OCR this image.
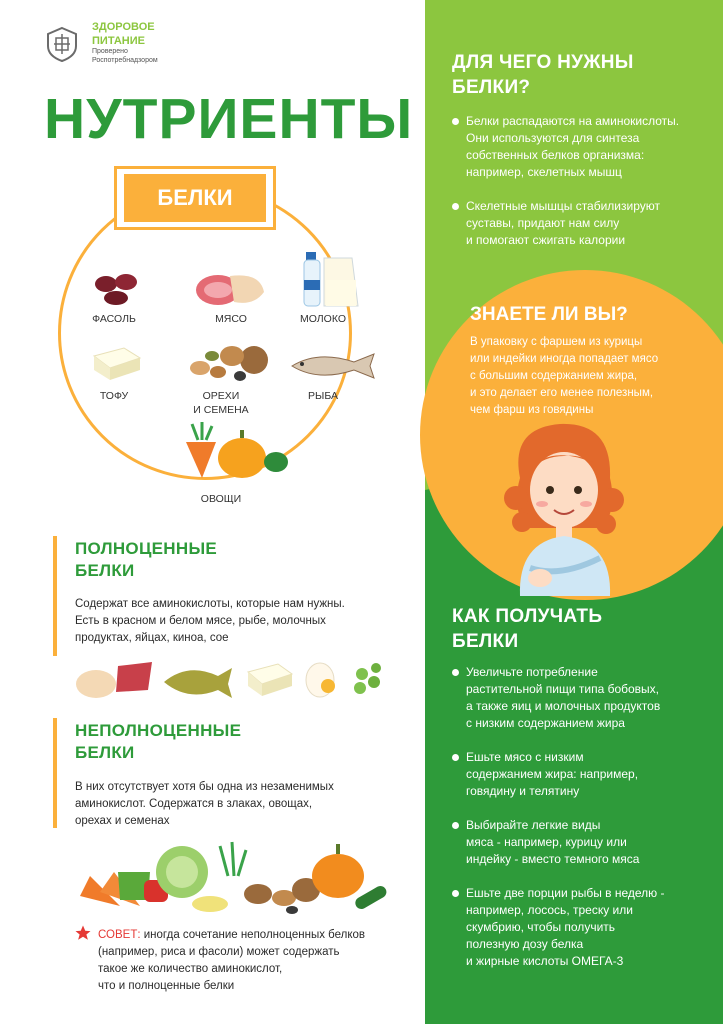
ДЛЯ ЧЕГО НУЖНЫ
БЕЛКИ?
Белки распадаются на аминокислоты.
Они используются для синтеза
собственных белков организма:
например, скелетных мышц
Скелетные мышцы стабилизируют
суставы, придают нам силу
и помогают сжигать калории
ЗНАЕТЕ ЛИ ВЫ?
В упаковку с фаршем из курицы
или индейки иногда попадает мясо
с большим содержанием жира,
и это делает его менее полезным,
чем фарш из говядины
КАК ПОЛУЧАТЬ
БЕЛКИ
Увеличьте потребление
растительной пищи типа бобовых,
а также яиц и молочных продуктов
с низким содержанием жира
Ешьте мясо с низким
содержанием жира: например,
говядину и телятину
Выбирайте легкие виды
мяса - например, курицу или
индейку - вместо темного мяса
Ешьте две порции рыбы в неделю -
например, лосось, треску или
скумбрию, чтобы получить
полезную дозу белка
и жирные кислоты ОМЕГА-3
ЗДОРОВОЕ
ПИТАНИЕ
Проверено
Роспотребнадзором
НУТРИЕНТЫ
БЕЛКИ
ФАСОЛЬ	МЯСО	МОЛОКО
ТОФУ	ОРЕХИ
И СЕМЕНА
РЫБА
ОВОЩИ
ПОЛНОЦЕННЫЕ
БЕЛКИ
Содержат все аминокислоты, которые нам нужны.
Есть в красном и белом мясе, рыбе, молочных
продуктах, яйцах, киноа, сое
НЕПОЛНОЦЕННЫЕ
БЕЛКИ
В них отсутствует хотя бы одна из незаменимых
аминокислот. Содержатся в злаках, овощах,
орехах и семенах
СОВЕТ: иногда сочетание неполноценных белков
(например, риса и фасоли) может содержать
такое же количество аминокислот,
что и полноценные белки
